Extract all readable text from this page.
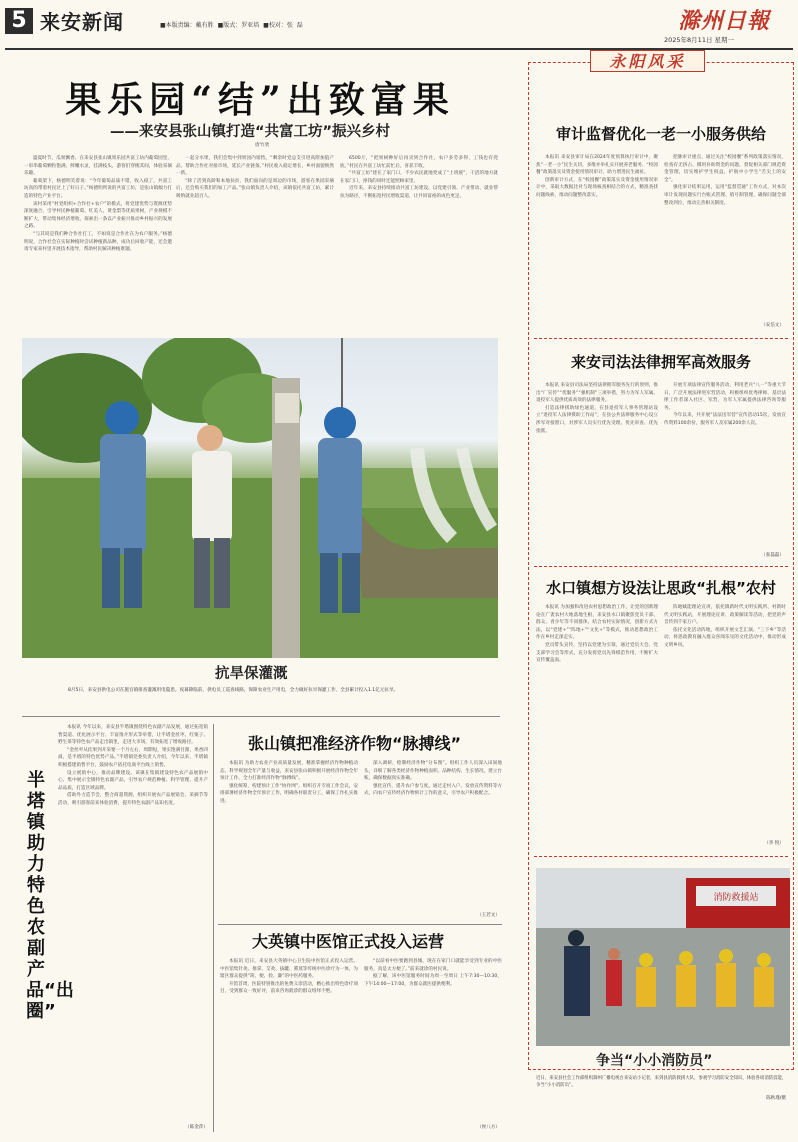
5 来安新闻	■本版责编：戴有胜 ■版式：罗亚培 ■校对：张 磊	滁州日報
2025年8月11日 星期一
果乐园“结”出致富果
——来安县张山镇打造“共富工坊”振兴乡村
唐竹欣

盛夏时节，瓜果飘香。在来安县张山镇果乐园共富工坊内葡萄园里，一串串葡萄颗粒饱满、鲜嫩水灵，挂满枝头，游客们穿梭其间，体验采摘乐趣。

葡萄架下，杨德明笑着说：“今年葡萄品质不错，收入稳了，共富工坊真的带着村民过上了好日子。”杨德明所说的共富工坊，是张山镇倾力打造的特色产业平台。

该村采用“村党组织+合作社+农户”的模式，将党建优势与资源优势深度融合，引导村民种植葡萄、红美人、黄金梨等优质果树，产业规模不断扩大，带动集体经济增收，探索出一条以产业振兴推动乡村振兴的发展之路。

“与其说是我们种合作社打工，不如说是合作社在为农户服务。”杨德明说，合作社会在实际种植时尝试种植新品种，成功后回收产能，还会邀请专家来村里开展技术指导，帮助村民解决种植难题。

一起分水果，我们会集中到果园内销售。“剩余时党总支引进高附加值产品，帮助合作社对接市场，延长产业链条。”村民收入稳定增长，乡村面貌焕然一新。

“除了活到高龄和本地扶贫，我们面向的是周边的市场，游客在果园采摘后，还会购买我们的加工产品。”张山镇负责人介绍，该镇依托共富工坊，累计吸纳就业超百人。

6500斤，“把果树种好后再卖到合作社，农户多劳多得，工钱也有兜底。”村民在共富工坊忙前忙后，喜获丰收。

“共富工坊”建在了家门口，不少农民就地变成了“上班族”，干活的地方就在家门口，挣钱的同时还能照顾家里。

近年来，来安县持续推动共富工坊建设，以党建引领、产业带动、就业帮扶为路径，不断拓宽村民增收渠道，让共同富裕的成色更足。

抗旱保灌溉
8月5日，来安县供电公司在施官镇排查灌溉用电隐患。夜幕降临前，供电员工巡查线路，保障农业生产用电，全力做好抗旱保灌工作，全县累计投入1.1亿元抗旱。
半塔镇助力特色农副产品“出圈”

本报讯 今年以来，来安县半塔镇围绕特色农副产品发展，通过拓宽销售渠道、优化展示平台、丰富推介形式等举措，让半塔金丝枣、红栗子、野生茶等特色农产品走出镇里，走进大市场，有效拓宽了增收路径。

“金丝枣从挂果到开采要一个月左右，周期短，果实饱满甘甜，果香四溢，是半塔的特色优势产品。”半塔镇党委负责人介绍，今年以来，半塔镇积极搭建销售平台，鼓励农户依托电商平台线上销售。

设立展销中心，推动品牌建设。该镇在集镇建设特色农产品展销中心，集中展示全镇特色农副产品，引导农户规范种植、科学管理，提升产品品质，打造区域品牌。

借助外力造节会，整合商超资源，组织开展农产品展销会、采摘节等活动，吸引游客前来体验消费，提升特色农副产品知名度。

（陈金萍）
张山镇把准经济作物“脉搏线”

本报讯 为助力农业产业高质量发展，精准掌握经济作物种植动态，科学规划全年产量与收益，来安县张山镇积极开展经济作物全年预计工作，全力打准经济作物“脉搏线”。

强化统筹，构建预计工作“协作网”。组织召开专项工作会议，安排部署经济作物全年预计工作，明确各村职责分工，确保工作扎实推进。

深入调研，绘制经济作物“分布图”。组织工作人员深入田间地头，详细了解各类经济作物种植面积、品种结构、生长情况，建立台账，确保数据真实准确。

强化宣传，提升农户参与度。通过走村入户、发放宣传资料等方式，向农户宣传经济作物预计工作的意义，引导农户积极配合。

（王若文）
大英镇中医馆正式投入运营

本报讯 近日，来安县大英镇中心卫生院中医馆正式投入运营。中医馆集针灸、推拿、艾灸、拔罐、熏蒸等传统中医诊疗为一体，为辖区群众提供“简、便、验、廉”的中医药服务。

开馆首周，医院特别推出的免费义诊活动，精心推出特色诊疗项目，受到群众一致好评，前来咨询就诊的群众络绎不绝。

“以前看中医要跑到县城，现在在家门口就能享受到专业的中医服务，真是太方便了。”前来就诊的村民说。

据了解，该中医馆服务时间为周一至周日 上午7:30—10:30，下午14:00—17:00，为群众就医提供便利。

（侯八方）
永阳风采
审计监督优化一老一小服务供给

本报讯 来安县审计局在2024年度预算执行审计中，聚焦“一老一小”民生关切，多维并举扎实开展养老服务、“校园餐”政策落实及资金使用情况审计，助力增进民生福祉。

创新审计方式，在“校园餐”政策落实及资金使用情况审计中，采取大数据比对与现场核查相结合的方式，精准查找问题线索，推动问题整改落实。

把脉审计重点，通过关注“校园餐”系列政策落实情况，检查有无挤占、挪用补助资金的问题，督促相关部门规范资金管理，切实维护学生权益，护航中小学生“舌尖上的安全”。

强化审计结果运用，运用“监督贯通”工作方式，对本次审计发现问题实行台账式管理、销号制管理，确保问题全部整改到位，推动完善相关制度。

（安信文）
来安司法法律拥军高效服务

本报讯 来安县司法局坚持法律拥军服务先行的原则，推出“厂宣传”“优服务”“强机制”三项举措，努力为军人军属、退役军人提供优质高效的法律服务。

打造法律援助绿色通道，在县退役军人事务管理站设立“退役军人法律援助工作站”，在县公共法律服务中心设立涉军对接窗口，对涉军人员实行优先受理、优先审查、优先指派。

开展专项法律宣传服务活动，利用老兵“八一”等重大节日，广泛开展法律进军营活动，积极组织优秀律师、基层法律工作者深入社区、军营，为军人军属提供法律咨询等服务。

今年以来，共开展“法法送军营”宣传活动15次，发放宣传资料100余份，服务军人及军属200余人次。

（张磊磊）
水口镇想方设法让思政“扎根”农村

本报讯 为加强和改进农村思想政治工作，让党的创新理论在广袤农村大地落地生根，来安县水口镇聚焦党员干部、群众、青少年等不同群体，结合农村实际情况，创新方式方法，以“党建+”“阵地+”“文化+”等模式，推动思想政治工作在乡村走深走实。

党员带头宣传，坚持以党建为引领，通过党员大会、党支部学习会等形式，充分发挥党员先锋模范作用，不断扩大宣传覆盖面。

阵地赋能理论宣讲，依托镇新时代文明实践所、村新时代文明实践站，开展理论宣讲、政策解读等活动，把党的声音传到千家万户。

依托文化活动阵地，组织开展文艺汇演、“三下乡”等活动，将思政教育融入群众喜闻乐见的文化活动中，推动形成文明乡风。

（李 悦）
消防救援站
争当“小小消防员”
近日，来安县社会工作部组织滁州广播电视台来安站小记者，来到县消防救援大队，参观学习消防安全知识，体验各项消防技能，争当“小小消防员”。
陈秋瑾/摄
